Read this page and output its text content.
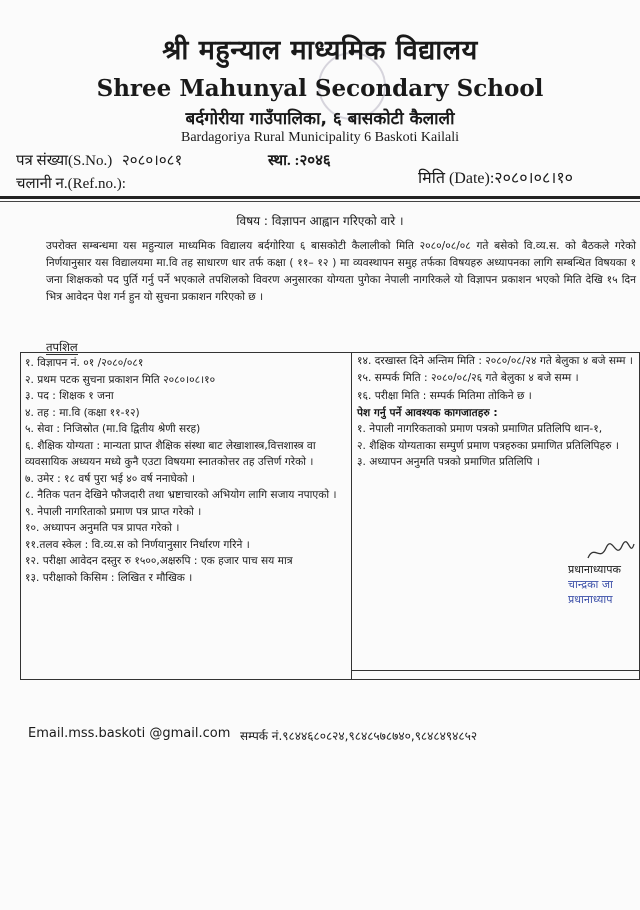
श्री महुन्याल माध्यमिक विद्यालय
Shree Mahunyal Secondary School
बर्दगोरीया गाउँपालिका, ६ बासकोटी कैलाली
Bardagoriya Rural Municipality 6 Baskoti Kailali
पत्र संख्या(S.No.) २०८०।०८१	स्था. :२०४६
चलानी न.(Ref.no.):	मिति (Date):२०८०।०८।१०
विषय : विज्ञापन आह्वान गरिएको वारे ।
उपरोक्त सम्बन्धमा यस महुन्याल माध्यमिक विद्यालय बर्दगोरिया ६ बासकोटी कैलालीको मिति २०८०/०८/०८ गते बसेको वि.व्य.स. को बैठकले गरेको निर्णयानुसार यस विद्यालयमा मा.वि तह साधारण धार तर्फ कक्षा ( ११– १२ ) मा व्यवस्थापन समुह तर्फका विषयहरु अध्यापनका लागि सम्बन्धित विषयका १ जना शिक्षकको पद पुर्ति गर्नु पर्ने भएकाले तपशिलको विवरण अनुसारका योग्यता पुगेका नेपाली नागरिकले यो विज्ञापन प्रकाशन भएको मिति देखि १५ दिन भित्र आवेदन पेश गर्न हुन यो सुचना प्रकाशन गरिएको छ ।
तपशिल
१. विज्ञापन नं. ०१ /२०८०/०८१
२. प्रथम पटक सुचना प्रकाशन मिति २०८०।०८।१०
३. पद : शिक्षक १ जना
४. तह : मा.वि (कक्षा ११-१२)
५. सेवा : निजिस्रोत (मा.वि द्वितीय श्रेणी सरह)
६. शैक्षिक योग्यता : मान्यता प्राप्त शैक्षिक संस्था बाट लेखाशास्त्र,वित्तशास्त्र वा व्यवसायिक अध्ययन मध्ये कुनै एउटा विषयमा स्नातकोत्तर तह उत्तिर्ण गरेको ।
७. उमेर : १८ वर्ष पुरा भई ४० वर्ष ननाघेको ।
८. नैतिक पतन देखिने फौजदारी तथा भ्रष्टाचारको अभियोग लागि सजाय नपाएको ।
९. नेपाली नागरिताको प्रमाण पत्र प्राप्त गरेको ।
१०. अध्यापन अनुमति पत्र प्रापत गरेको ।
११.तलव स्केल : वि.व्य.स को निर्णयानुसार निर्धारण गरिने ।
१२. परीक्षा आवेदन दस्तुर रु १५००,अक्षरुपि : एक हजार पाच सय मात्र
१३. परीक्षाको किसिम : लिखित र मौखिक ।
१४. दरखास्त दिने अन्तिम मिति : २०८०/०८/२४ गते बेलुका ४ बजे सम्म ।
१५. सम्पर्क मिति : २०८०/०८/२६ गते बेलुका ४ बजे सम्म ।
१६. परीक्षा मिति : सम्पर्क मितिमा तोकिने छ ।
पेश गर्नु पर्ने आवश्यक कागजातहरु :
१. नेपाली नागरिकताको प्रमाण पत्रको प्रमाणित प्रतिलिपि थान-१,
२. शैक्षिक योग्यताका सम्पुर्ण प्रमाण पत्रहरुका प्रमाणित प्रतिलिपिहरु ।
३. अध्यापन अनुमति पत्रको प्रमाणित प्रतिलिपि ।
प्रधानाध्यापक
चान्द्रका जा
प्रधानाध्याप
Email.mss.baskoti @gmail.com सम्पर्क नं.९८४४६८०८२४,९८४८५७८७४०,९८४८४९४८५२
